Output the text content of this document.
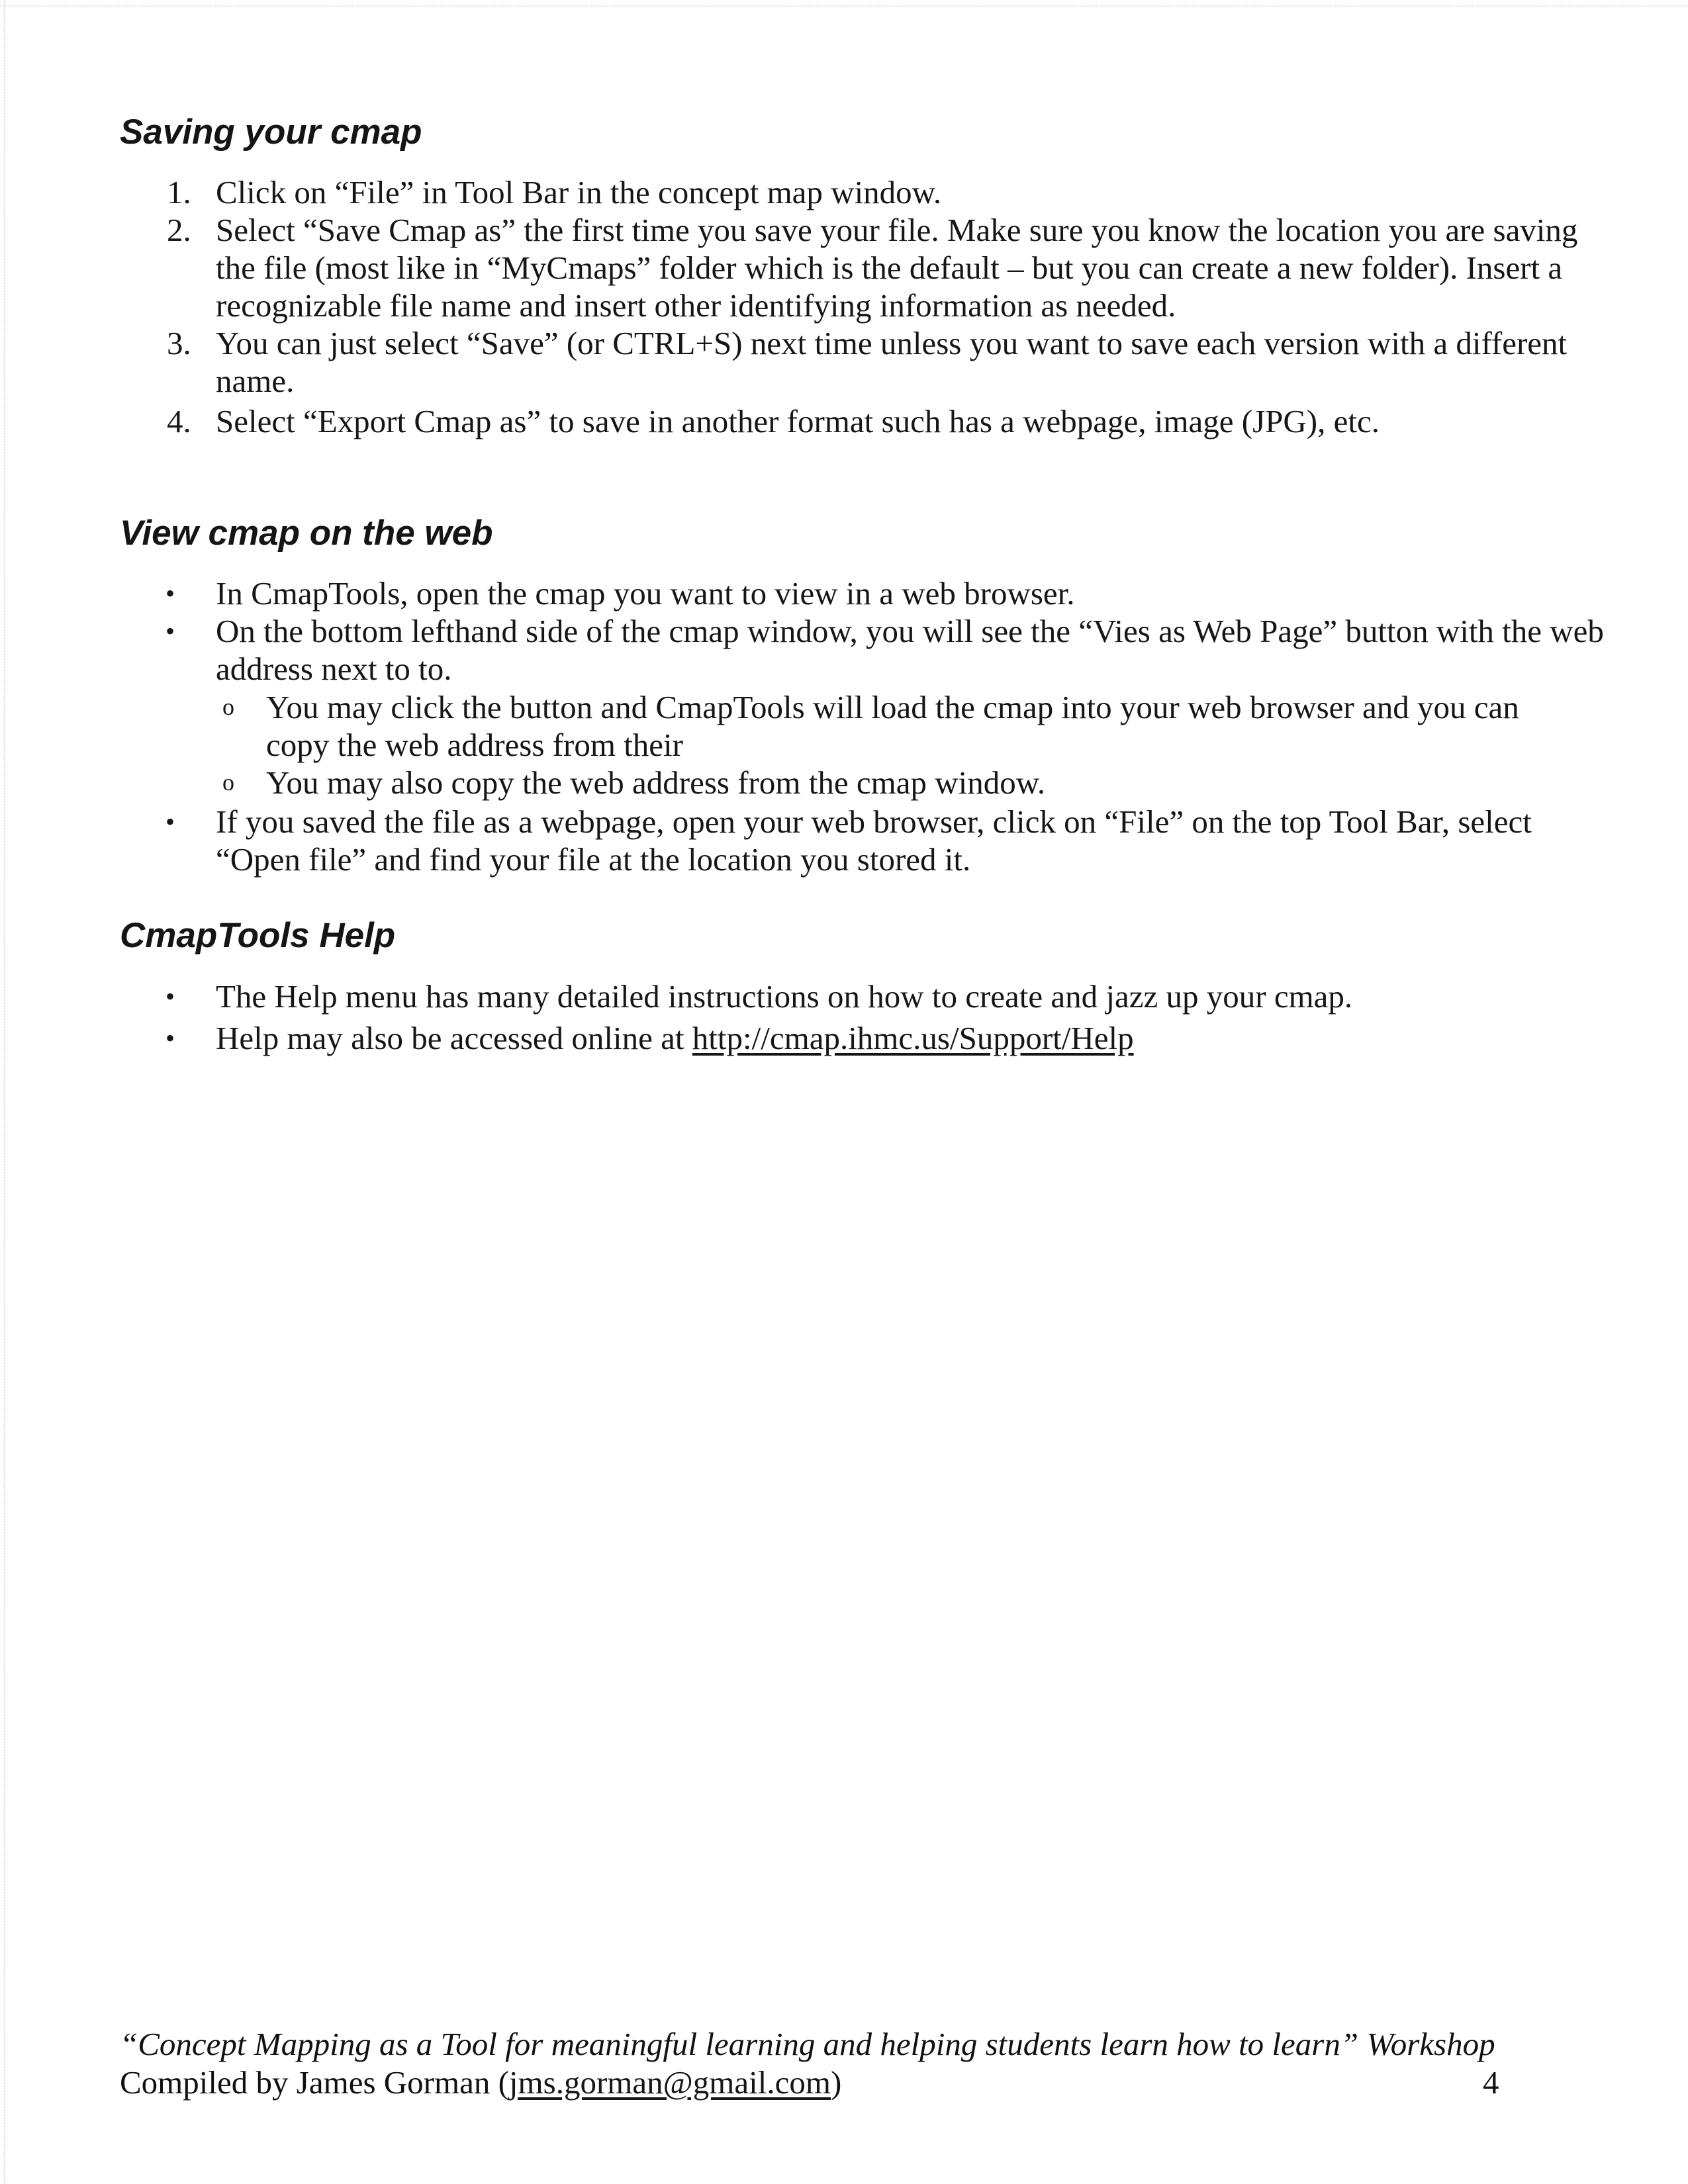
Saving your cmap
1. Click on “File” in Tool Bar in the concept map window.
2. Select “Save Cmap as” the first time you save your file. Make sure you know the location you are saving the file (most like in “MyCmaps” folder which is the default – but you can create a new folder). Insert a recognizable file name and insert other identifying information as needed.
3. You can just select “Save” (or CTRL+S) next time unless you want to save each version with a different name.
4. Select “Export Cmap as” to save in another format such has a webpage, image (JPG), etc.
View cmap on the web
• In CmapTools, open the cmap you want to view in a web browser.
• On the bottom lefthand side of the cmap window, you will see the “Vies as Web Page” button with the web address next to to.
o You may click the button and CmapTools will load the cmap into your web browser and you can copy the web address from their
o You may also copy the web address from the cmap window.
• If you saved the file as a webpage, open your web browser, click on “File” on the top Tool Bar, select “Open file” and find your file at the location you stored it.
CmapTools Help
• The Help menu has many detailed instructions on how to create and jazz up your cmap.
• Help may also be accessed online at http://cmap.ihmc.us/Support/Help
“Concept Mapping as a Tool for meaningful learning and helping students learn how to learn” Workshop
Compiled by James Gorman (jms.gorman@gmail.com)	4
